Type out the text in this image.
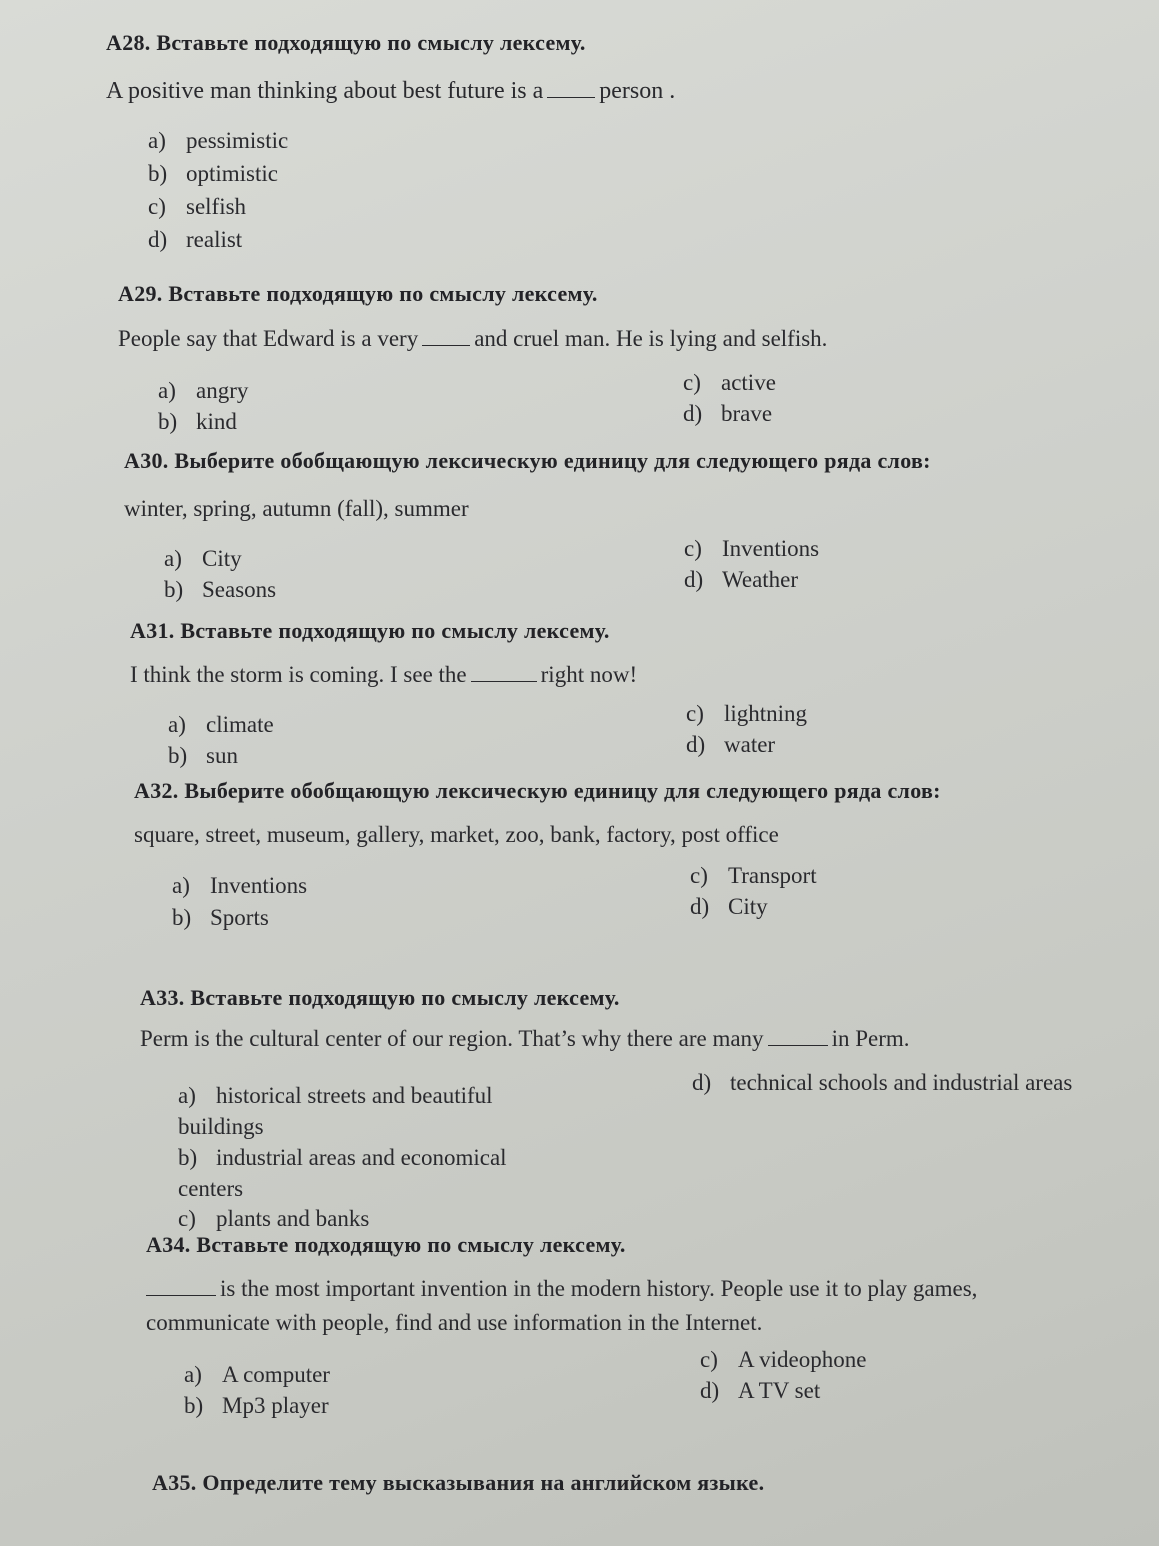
A28. Вставьте подходящую по смыслу лексему.
A positive man thinking about best future is a person .
a) pessimistic
b) optimistic
c) selfish
d) realist
A29. Вставьте подходящую по смыслу лексему.
People say that Edward is a very and cruel man. He is lying and selfish.
a) angry
b) kind
c) active
d) brave
A30. Выберите обобщающую лексическую единицу для следующего ряда слов:
winter, spring, autumn (fall), summer
a) City
b) Seasons
c) Inventions
d) Weather
A31. Вставьте подходящую по смыслу лексему.
I think the storm is coming. I see the	right now!
a) climate
b) sun
c) lightning
d) water
A32. Выберите обобщающую лексическую единицу для следующего ряда слов:
square, street, museum, gallery, market, zoo, bank, factory, post office
a) Inventions
b) Sports
c) Transport
d) City
A33. Вставьте подходящую по смыслу лексему.
Perm is the cultural center of our region. That’s why there are many	in Perm.
a) historical streets and beautiful buildings
b) industrial areas and economical centers
c) plants and banks
d) technical schools and industrial areas
A34. Вставьте подходящую по смыслу лексему.
is the most important invention in the modern history. People use it to play games,
communicate with people, find and use information in the Internet.
a) A computer
b) Mp3 player
c) A videophone
d) A TV set
A35. Определите тему высказывания на английском языке.
